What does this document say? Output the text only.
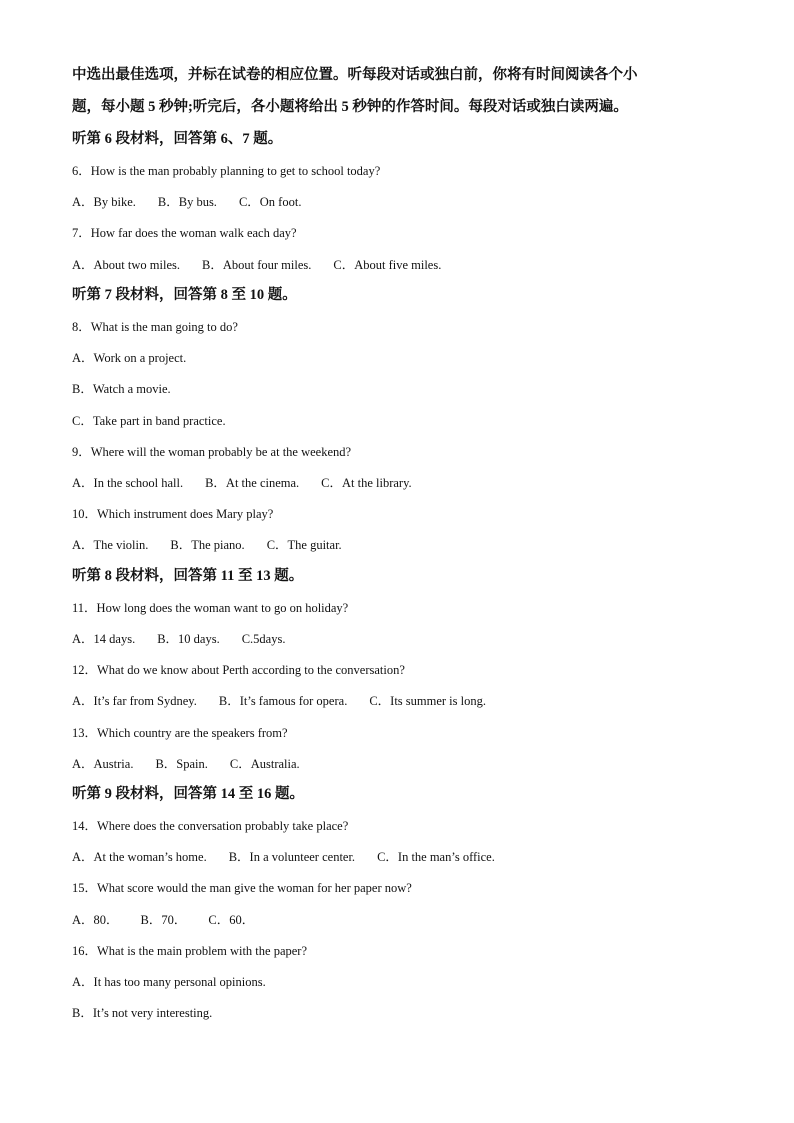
中选出最佳选项，并标在试卷的相应位置。听每段对话或独白前，你将有时间阅读各个小
题，每小题 5 秒钟;听完后，各小题将给出 5 秒钟的作答时间。每段对话或独白读两遍。
听第 6 段材料，回答第 6、7 题。
6．How is the man probably planning to get to school today?
A．By bike. B．By bus. C．On foot.
7．How far does the woman walk each day?
A．About two miles. B．About four miles. C．About five miles.
听第 7 段材料，回答第 8 至 10 题。
8．What is the man going to do?
A．Work on a project.
B．Watch a movie.
C．Take part in band practice.
9．Where will the woman probably be at the weekend?
A．In the school hall. B．At the cinema. C．At the library.
10．Which instrument does Mary play?
A．The violin. B．The piano. C．The guitar.
听第 8 段材料，回答第 11 至 13 题。
11．How long does the woman want to go on holiday?
A．14 days. B．10 days. C.5days.
12．What do we know about Perth according to the conversation?
A．It’s far from Sydney. B．It’s famous for opera. C．Its summer is long.
13．Which country are the speakers from?
A．Austria. B．Spain. C．Australia.
听第 9 段材料，回答第 14 至 16 题。
14．Where does the conversation probably take place?
A．At the woman’s home. B．In a volunteer center. C．In the man’s office.
15．What score would the man give the woman for her paper now?
A．80． B．70． C．60．
16．What is the main problem with the paper?
A．It has too many personal opinions.
B．It’s not very interesting.
